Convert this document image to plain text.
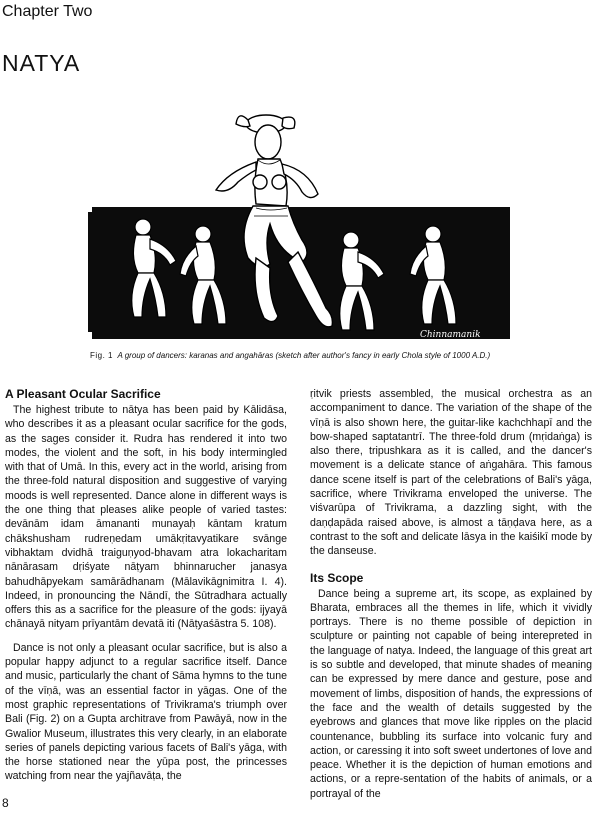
Chapter Two
NATYA
Chinnamanik
Fig. 1 A group of dancers: karanas and angahāras (sketch after author's fancy in early Chola style of 1000 A.D.)
A Pleasant Ocular Sacrifice

The highest tribute to nātya has been paid by Kālidāsa, who describes it as a pleasant ocular sacrifice for the gods, as the sages consider it. Rudra has rendered it into two modes, the violent and the soft, in his body intermingled with that of Umā. In this, every act in the world, arising from the three-fold natural disposition and suggestive of varying moods is well represented. Dance alone in different ways is the one thing that pleases alike people of varied tastes: devānām idam āmananti munayaḥ kāntam kratum chākshusham rudreṇedam umākṛitavyatikare svānge vibhaktam dvidhā traiguṇyod-bhavam atra lokacharitam nānārasam dṛiśyate nāṭyam bhinnarucher janasya bahudhāpyekam samārādhanam (Mālavikāgnimitra I. 4). Indeed, in pronouncing the Nāndī, the Sūtradhara actually offers this as a sacrifice for the pleasure of the gods: ijyayā chānayā nityam prīyantām devatā iti (Nāṭyaśāstra 5. 108).

Dance is not only a pleasant ocular sacrifice, but is also a popular happy adjunct to a regular sacrifice itself. Dance and music, particularly the chant of Sāma hymns to the tune of the vīṇā, was an essential factor in yāgas. One of the most graphic representations of Trivikrama's triumph over Bali (Fig. 2) on a Gupta architrave from Pawāyā, now in the Gwalior Museum, illustrates this very clearly, in an elaborate series of panels depicting various facets of Bali's yāga, with the horse stationed near the yūpa post, the princesses watching from near the yajñavāṭa, the

ṛitvik priests assembled, the musical orchestra as an accompaniment to dance. The variation of the shape of the vīṇā is also shown here, the guitar-like kachchhapī and the bow-shaped saptatantrī. The three-fold drum (mṛidaṅga) is also there, tripushkara as it is called, and the dancer's movement is a delicate stance of aṅgahāra. This famous dance scene itself is part of the celebrations of Bali's yāga, sacrifice, where Trivikrama enveloped the universe. The viśvarūpa of Trivikrama, a dazzling sight, with the daṇḍapāda raised above, is almost a tāṇḍava here, as a contrast to the soft and delicate lāsya in the kaiśikī mode by the danseuse.

Its Scope

Dance being a supreme art, its scope, as explained by Bharata, embraces all the themes in life, which it vividly portrays. There is no theme possible of depiction in sculpture or painting not capable of being interepreted in the language of natya. Indeed, the language of this great art is so subtle and developed, that minute shades of meaning can be expressed by mere dance and gesture, pose and movement of limbs, disposition of hands, the expressions of the face and the wealth of details suggested by the eyebrows and glances that move like ripples on the placid countenance, bubbling its surface into volcanic fury and action, or caressing it into soft sweet undertones of love and peace. Whether it is the depiction of human emotions and actions, or a repre-sentation of the habits of animals, or a portrayal of the

8
